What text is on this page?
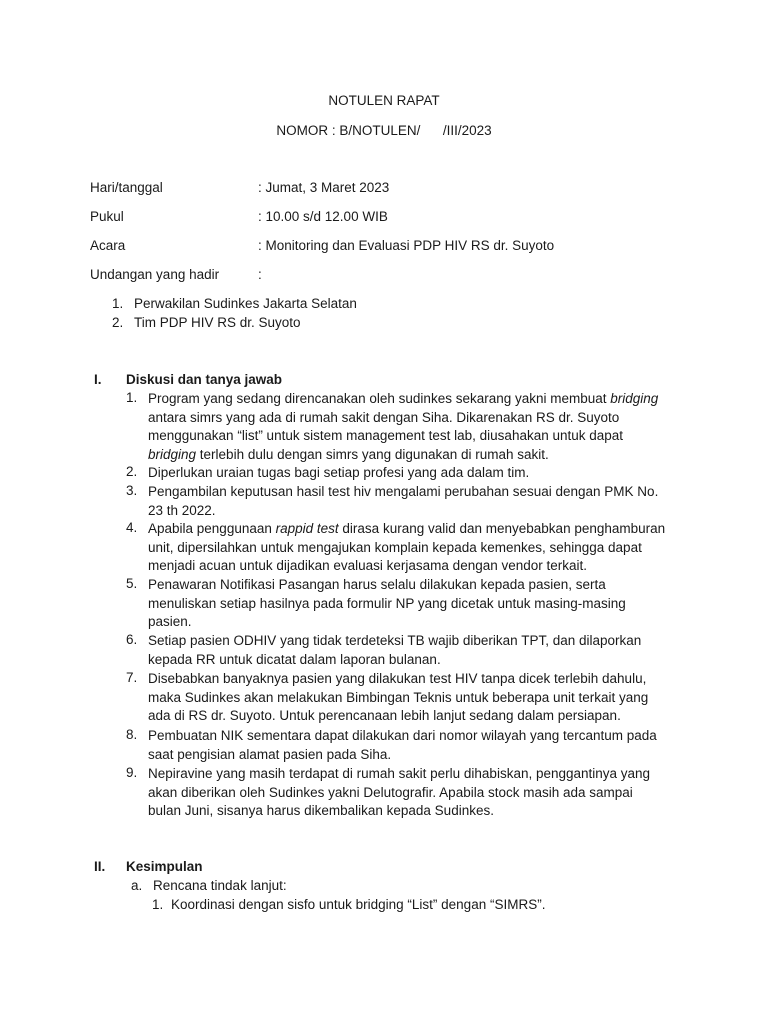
NOTULEN RAPAT
NOMOR : B/NOTULEN/      /III/2023
Hari/tanggal	: Jumat, 3 Maret 2023
Pukul	: 10.00 s/d 12.00 WIB
Acara	: Monitoring dan Evaluasi PDP HIV RS dr. Suyoto
Undangan yang hadir	:
1. Perwakilan Sudinkes Jakarta Selatan
2. Tim PDP HIV RS dr. Suyoto
I. Diskusi dan tanya jawab
1. Program yang sedang direncanakan oleh sudinkes sekarang yakni membuat bridging

antara simrs yang ada di rumah sakit dengan Siha. Dikarenakan RS dr. Suyoto

menggunakan “list” untuk sistem management test lab, diusahakan untuk dapat

bridging terlebih dulu dengan simrs yang digunakan di rumah sakit.

2. Diperlukan uraian tugas bagi setiap profesi yang ada dalam tim.

3. Pengambilan keputusan hasil test hiv mengalami perubahan sesuai dengan PMK No.

23 th 2022.

4. Apabila penggunaan rappid test dirasa kurang valid dan menyebabkan penghamburan

unit, dipersilahkan untuk mengajukan komplain kepada kemenkes, sehingga dapat

menjadi acuan untuk dijadikan evaluasi kerjasama dengan vendor terkait.

5. Penawaran Notifikasi Pasangan harus selalu dilakukan kepada pasien, serta

menuliskan setiap hasilnya pada formulir NP yang dicetak untuk masing-masing

pasien.

6. Setiap pasien ODHIV yang tidak terdeteksi TB wajib diberikan TPT, dan dilaporkan

kepada RR untuk dicatat dalam laporan bulanan.

7. Disebabkan banyaknya pasien yang dilakukan test HIV tanpa dicek terlebih dahulu,

maka Sudinkes akan melakukan Bimbingan Teknis untuk beberapa unit terkait yang

ada di RS dr. Suyoto. Untuk perencanaan lebih lanjut sedang dalam persiapan.

8. Pembuatan NIK sementara dapat dilakukan dari nomor wilayah yang tercantum pada

saat pengisian alamat pasien pada Siha.

9. Nepiravine yang masih terdapat di rumah sakit perlu dihabiskan, penggantinya yang

akan diberikan oleh Sudinkes yakni Delutografir. Apabila stock masih ada sampai

bulan Juni, sisanya harus dikembalikan kepada Sudinkes.

II. Kesimpulan
a. Rencana tindak lanjut:
1. Koordinasi dengan sisfo untuk bridging “List” dengan “SIMRS”.
